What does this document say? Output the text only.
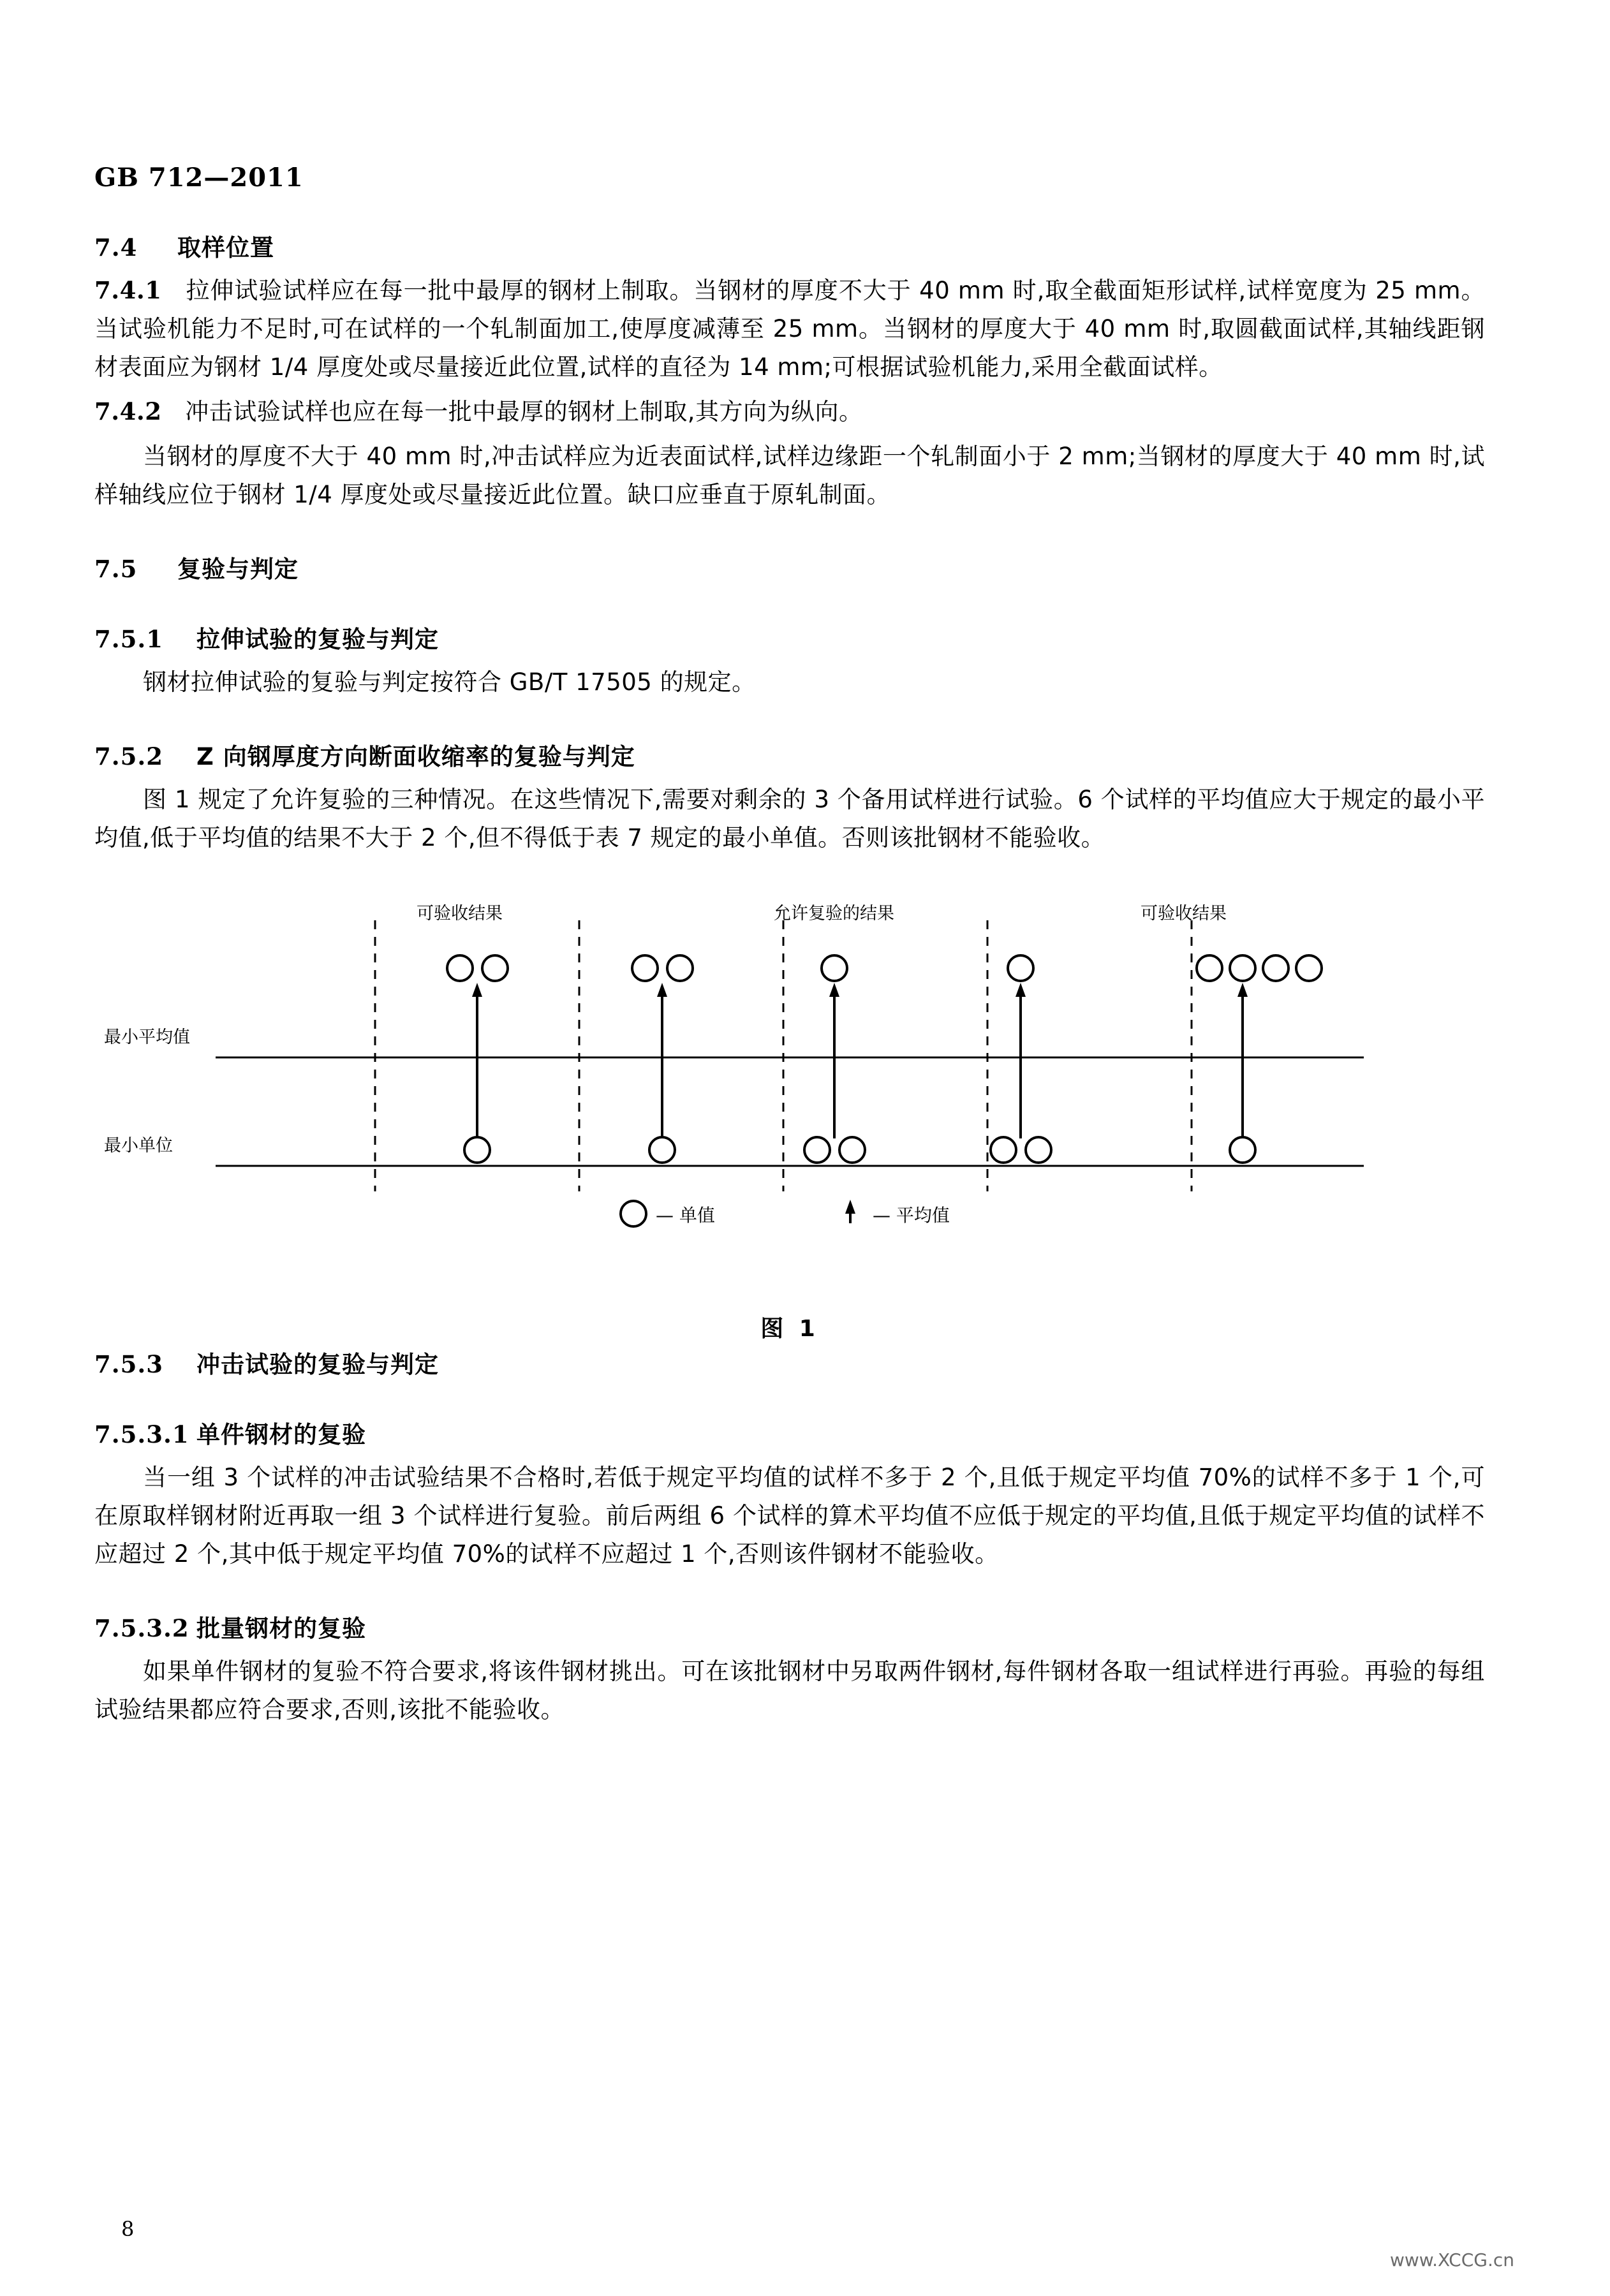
GB 712—2011
7.4 取样位置

7.4.1 拉伸试验试样应在每一批中最厚的钢材上制取。当钢材的厚度不大于 40 mm 时,取全截面矩形试样,试样宽度为 25 mm。当试验机能力不足时,可在试样的一个轧制面加工,使厚度减薄至 25 mm。当钢材的厚度大于 40 mm 时,取圆截面试样,其轴线距钢材表面应为钢材 1/4 厚度处或尽量接近此位置,试样的直径为 14 mm;可根据试验机能力,采用全截面试样。

7.4.2 冲击试验试样也应在每一批中最厚的钢材上制取,其方向为纵向。

当钢材的厚度不大于 40 mm 时,冲击试样应为近表面试样,试样边缘距一个轧制面小于 2 mm;当钢材的厚度大于 40 mm 时,试样轴线应位于钢材 1/4 厚度处或尽量接近此位置。缺口应垂直于原轧制面。

7.5 复验与判定
7.5.1 拉伸试验的复验与判定

钢材拉伸试验的复验与判定按符合 GB/T 17505 的规定。

7.5.2 Z 向钢厚度方向断面收缩率的复验与判定

图 1 规定了允许复验的三种情况。在这些情况下,需要对剩余的 3 个备用试样进行试验。6 个试样的平均值应大于规定的最小平均值,低于平均值的结果不大于 2 个,但不得低于表 7 规定的最小单值。否则该批钢材不能验收。

可验收结果	允许复验的结果	可验收结果
最小平均值
最小单位
— 单值	— 平均值
图 1
7.5.3 冲击试验的复验与判定
7.5.3.1 单件钢材的复验

当一组 3 个试样的冲击试验结果不合格时,若低于规定平均值的试样不多于 2 个,且低于规定平均值 70%的试样不多于 1 个,可在原取样钢材附近再取一组 3 个试样进行复验。前后两组 6 个试样的算术平均值不应低于规定的平均值,且低于规定平均值的试样不应超过 2 个,其中低于规定平均值 70%的试样不应超过 1 个,否则该件钢材不能验收。

7.5.3.2 批量钢材的复验

如果单件钢材的复验不符合要求,将该件钢材挑出。可在该批钢材中另取两件钢材,每件钢材各取一组试样进行再验。再验的每组试验结果都应符合要求,否则,该批不能验收。

8
www.XCCG.cn
